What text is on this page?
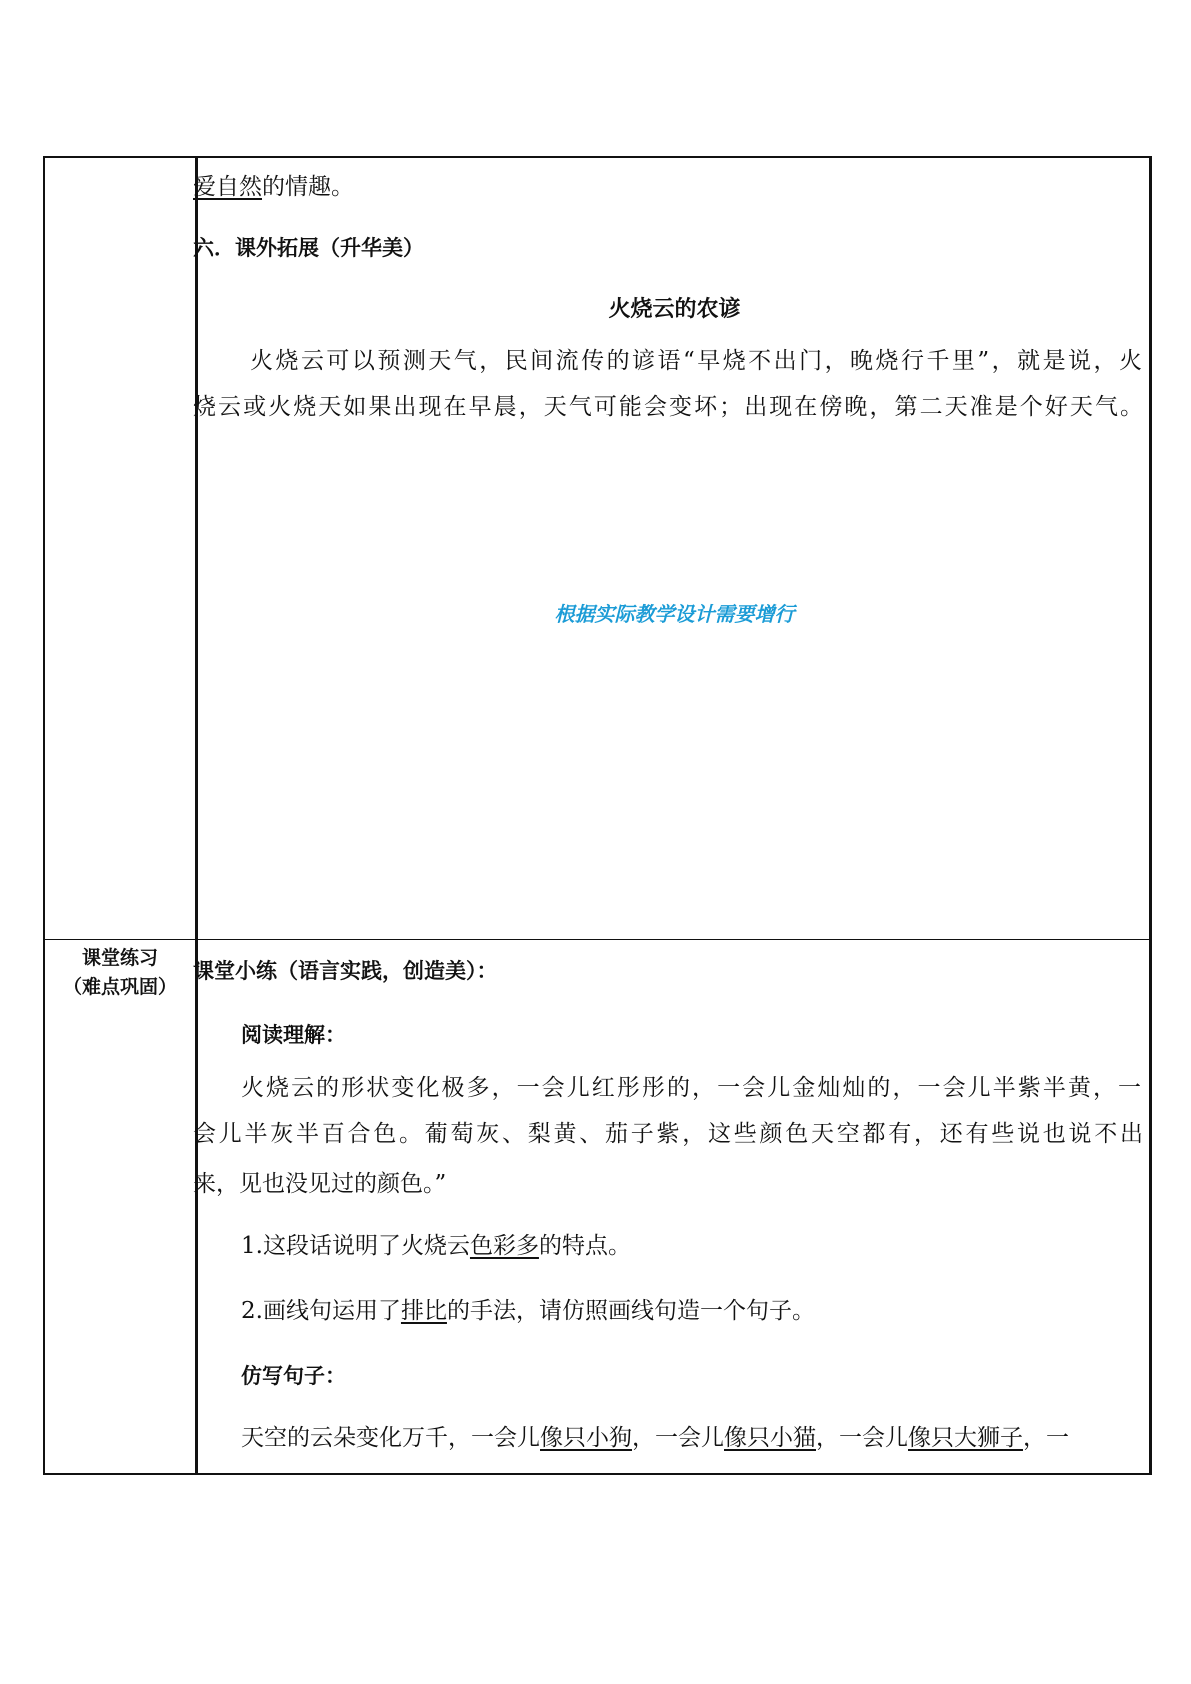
爱自然的情趣。
六．课外拓展（升华美）
火烧云的农谚
火烧云可以预测天气，民间流传的谚语“早烧不出门，晚烧行千里”，就是说，火
烧云或火烧天如果出现在早晨，天气可能会变坏；出现在傍晚，第二天准是个好天气。
根据实际教学设计需要增行
课堂练习
（难点巩固）
课堂小练（语言实践，创造美）：
阅读理解：
火烧云的形状变化极多，一会儿红彤彤的，一会儿金灿灿的，一会儿半紫半黄，一
会儿半灰半百合色。葡萄灰、梨黄、茄子紫，这些颜色天空都有，还有些说也说不出
来，见也没见过的颜色。”
1.这段话说明了火烧云色彩多的特点。
2.画线句运用了排比的手法，请仿照画线句造一个句子。
仿写句子：
天空的云朵变化万千，一会儿像只小狗，一会儿像只小猫，一会儿像只大狮子，一
